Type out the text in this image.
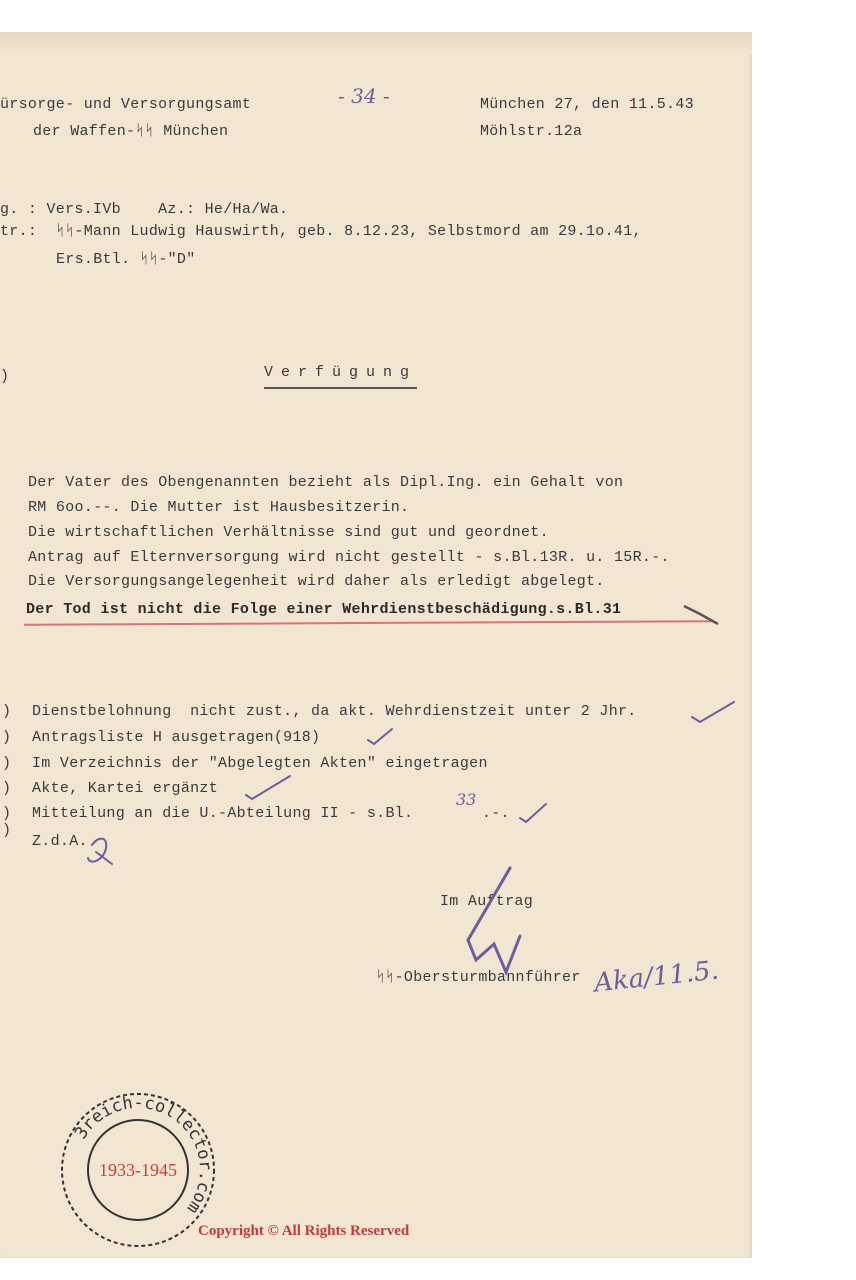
- 34 -
ürsorge- und Versorgungsamt
der Waffen-ᛋᛋ München
München 27, den 11.5.43
Möhlstr.12a
g. : Vers.IVb    Az.: He/Ha/Wa.
tr.:  ᛋᛋ-Mann Ludwig Hauswirth, geb. 8.12.23, Selbstmord am 29.1o.41,
Ers.Btl. ᛋᛋ-"D"
)	Verfügung
Der Vater des Obengenannten bezieht als Dipl.Ing. ein Gehalt von
RM 6oo.--. Die Mutter ist Hausbesitzerin.
Die wirtschaftlichen Verhältnisse sind gut und geordnet.
Antrag auf Elternversorgung wird nicht gestellt - s.Bl.13R. u. 15R.-.
Die Versorgungsangelegenheit wird daher als erledigt abgelegt.
Der Tod ist nicht die Folge einer Wehrdienstbeschädigung.s.Bl.31
)
)
)
)
)
)
Dienstbelohnung  nicht zust., da akt. Wehrdienstzeit unter 2 Jhr.
Antragsliste H ausgetragen(918)
Im Verzeichnis der "Abgelegten Akten" eingetragen
Akte, Kartei ergänzt
Mitteilung an die U.-Abteilung II - s.Bl.
33
.-.
Z.d.A.
Im Auftrag
ᛋᛋ-Obersturmbannführer Aka/11.5.
3reich-collector.com
1933-1945
Copyright © All Rights Reserved
